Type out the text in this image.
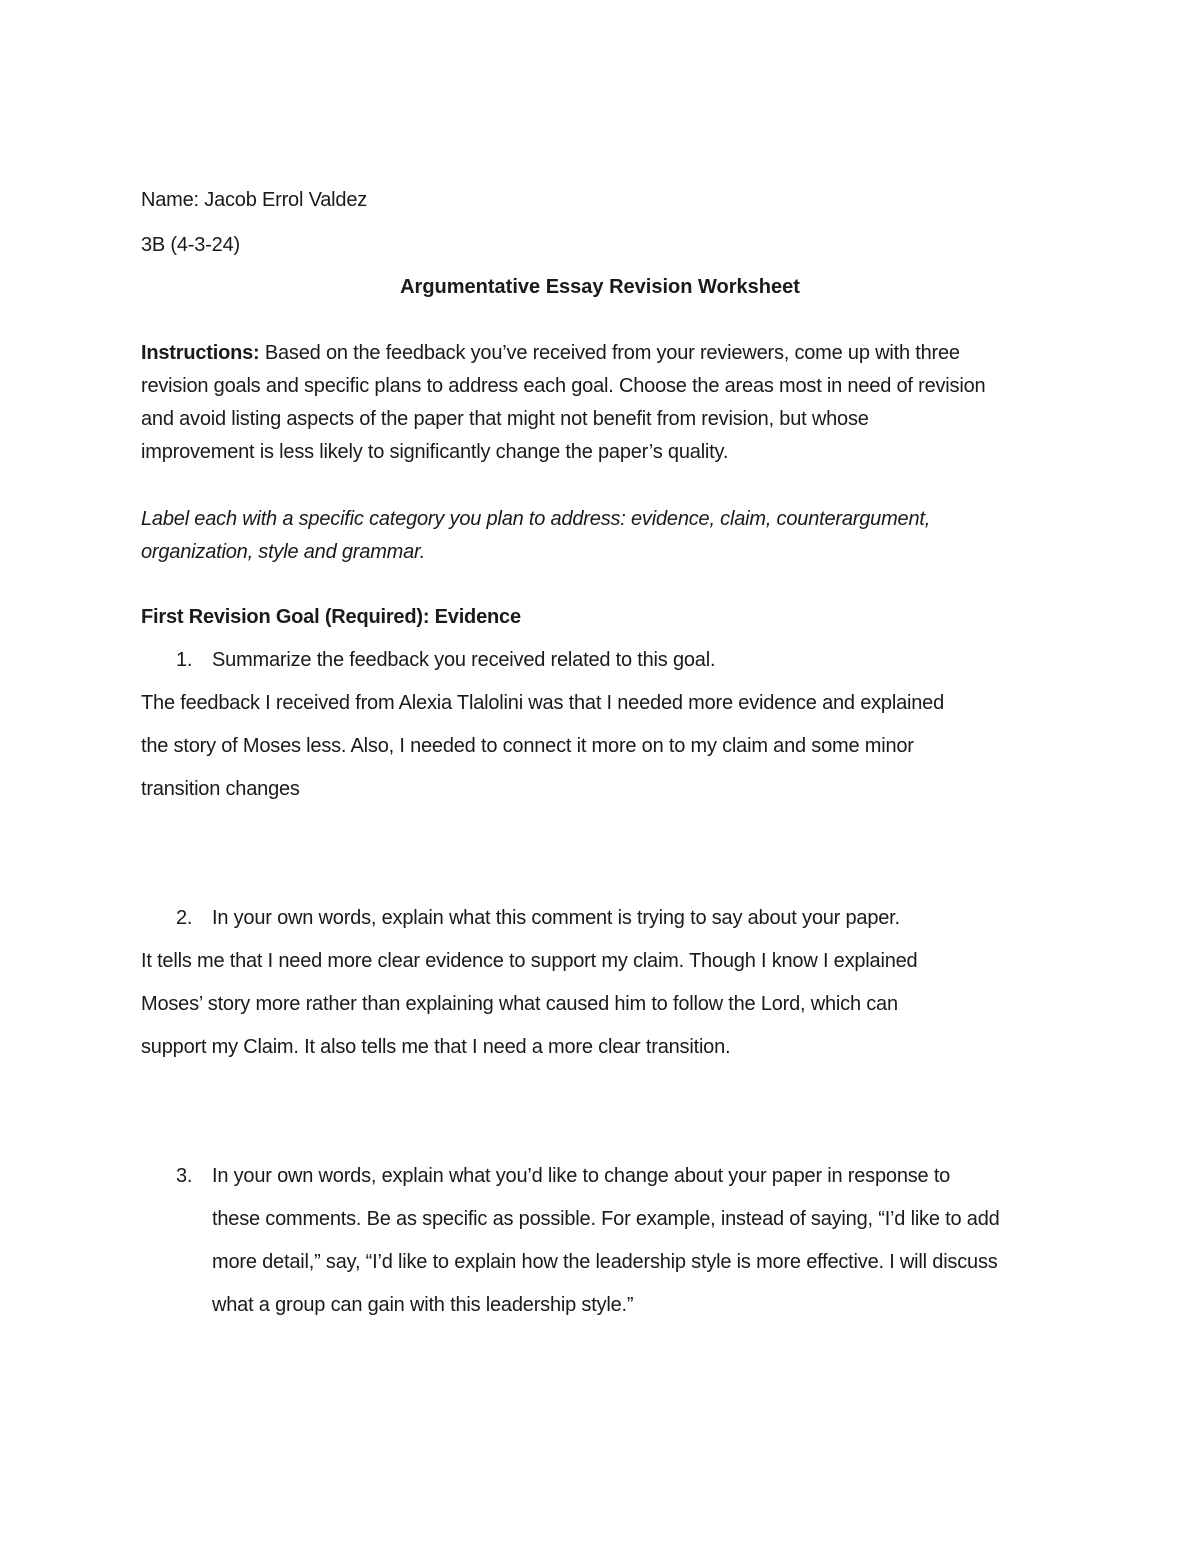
Name: Jacob Errol Valdez
3B (4-3-24)
Argumentative Essay Revision Worksheet
Instructions: Based on the feedback you’ve received from your reviewers, come up with three
revision goals and specific plans to address each goal. Choose the areas most in need of revision
and avoid listing aspects of the paper that might not benefit from revision, but whose
improvement is less likely to significantly change the paper’s quality.
Label each with a specific category you plan to address: evidence, claim, counterargument,
organization, style and grammar.
First Revision Goal (Required): Evidence
1. Summarize the feedback you received related to this goal.
The feedback I received from Alexia Tlalolini was that I needed more evidence and explained
the story of Moses less. Also, I needed to connect it more on to my claim and some minor
transition changes
2. In your own words, explain what this comment is trying to say about your paper.
It tells me that I need more clear evidence to support my claim. Though I know I explained
Moses’ story more rather than explaining what caused him to follow the Lord, which can
support my Claim. It also tells me that I need a more clear transition.
3. In your own words, explain what you’d like to change about your paper in response to
these comments. Be as specific as possible. For example, instead of saying, “I’d like to add
more detail,” say, “I’d like to explain how the leadership style is more effective. I will discuss
what a group can gain with this leadership style.”
